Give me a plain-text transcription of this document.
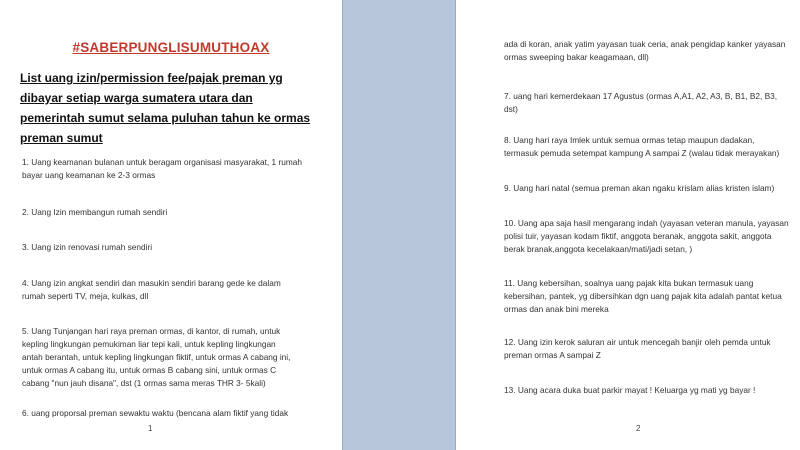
#SABERPUNGLISUMUTHOAX
List uang izin/permission fee/pajak preman yg dibayar setiap warga sumatera utara dan pemerintah sumut selama puluhan tahun ke ormas preman sumut
1. Uang keamanan bulanan untuk beragam organisasi masyarakat, 1 rumah
bayar uang keamanan ke 2-3 ormas
2. Uang Izin membangun rumah sendiri
3. Uang izin renovasi rumah sendiri
4. Uang izin angkat sendiri dan masukin sendiri barang gede ke dalam
rumah seperti TV, meja, kulkas, dll
5. Uang Tunjangan hari raya preman ormas, di kantor, di rumah, untuk
kepling lingkungan pemukiman liar tepi kali, untuk kepling lingkungan
antah berantah, untuk kepling lingkungan fiktif, untuk ormas A cabang ini,
untuk ormas A cabang itu, untuk ormas B cabang sini, untuk ormas C
cabang "nun jauh disana", dst (1 ormas sama meras THR 3- 5kali)
6. uang proporsal preman sewaktu waktu (bencana alam fiktif yang tidak
1
ada di koran, anak yatim yayasan tuak ceria, anak pengidap kanker yayasan
ormas sweeping bakar keagamaan, dll)
7. uang hari kemerdekaan 17 Agustus (ormas A,A1, A2, A3, B, B1, B2, B3,
dst)
8. Uang hari raya Imlek untuk semua ormas tetap maupun dadakan,
termasuk pemuda setempat kampung A sampai Z (walau tidak merayakan)
9. Uang hari natal (semua preman akan ngaku krislam alias kristen islam)
10. Uang apa saja hasil mengarang indah (yayasan veteran manula, yayasan
polisi tuir, yayasan kodam fiktif, anggota beranak, anggota sakit, anggota
berak branak,anggota kecelakaan/mati/jadi setan, )
11. Uang kebersihan, soalnya uang pajak kita bukan termasuk uang
kebersihan, pantek, yg dibersihkan dgn uang pajak kita adalah pantat ketua
ormas dan anak bini mereka
12. Uang izin kerok saluran air untuk mencegah banjir oleh pemda untuk
preman ormas A sampai Z
13. Uang acara duka buat parkir mayat ! Keluarga yg mati yg bayar !
2
